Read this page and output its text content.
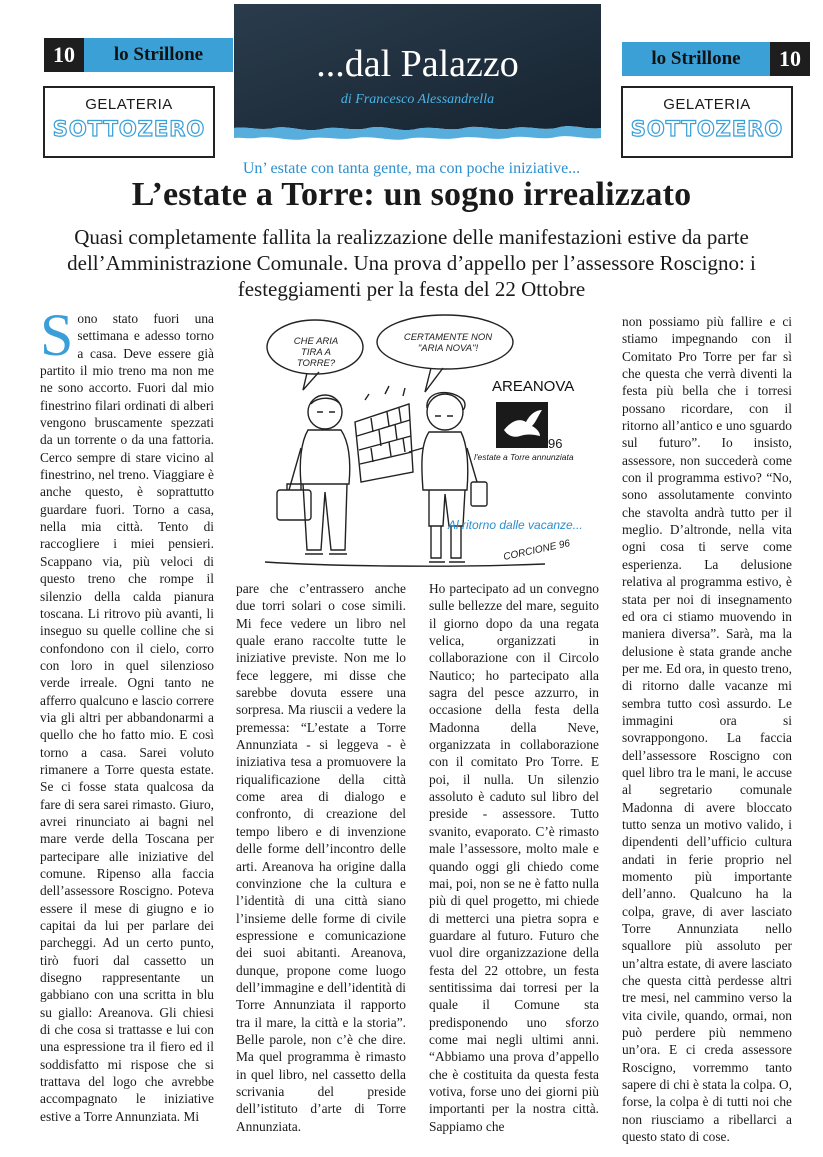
10	lo Strillone	lo Strillone	10
GELATERIA
SOTTOZERO
GELATERIA
SOTTOZERO
...dal Palazzo
di Francesco Alessandrella
Un’ estate con tanta gente, ma con poche iniziative...
L’estate a Torre: un sogno irrealizzato
Quasi completamente fallita la realizzazione delle manifestazioni estive da parte dell’Amministrazione Comunale. Una prova d’appello per l’assessore Roscigno: i festeggiamenti per la festa del 22 Ottobre
S ono stato fuori una settimana e adesso torno a casa. Deve essere già partito il mio treno ma non me ne sono accorto. Fuori dal mio finestrino filari ordinati di alberi vengono bruscamente spezzati da un torrente o da una fattoria. Cerco sempre di stare vicino al finestrino, nel treno. Viaggiare è anche questo, è soprattutto guardare fuori. Torno a casa, nella mia città. Tento di raccogliere i miei pensieri. Scappano via, più veloci di questo treno che rompe il silenzio della calda pianura toscana. Li ritrovo più avanti, li inseguo su quelle colline che si confondono con il cielo, corro con loro in quel silenzioso verde irreale. Ogni tanto ne afferro qualcuno e lascio correre via gli altri per abbandonarmi a quello che ho fatto mio. E così torno a casa. Sarei voluto rimanere a Torre questa estate. Se ci fosse stata qualcosa da fare di sera sarei rimasto. Giuro, avrei rinunciato ai bagni nel mare verde della Toscana per partecipare alle iniziative del comune. Ripenso alla faccia dell’assessore Roscigno. Poteva essere il mese di giugno e io capitai da lui per parlare dei parcheggi. Ad un certo punto, tirò fuori dal cassetto un disegno rappresentante un gabbiano con una scritta in blu su giallo: Areanova. Gli chiesi di che cosa si trattasse e lui con una espressione tra il fiero ed il soddisfatto mi rispose che si trattava del logo che avrebbe accompagnato le iniziative estive a Torre Annunziata. Mi

CHE ARIA TIRA A TORRE?
CERTAMENTE NON "ARIA NOVA"!
AREANOVA
96
l'estate a Torre annunziata
Al ritorno dalle vacanze...
CORCIONE 96

pare che c’entrassero anche due torri solari o cose simili. Mi fece vedere un libro nel quale erano raccolte tutte le iniziative previste. Non me lo fece leggere, mi disse che sarebbe dovuta essere una sorpresa. Ma riuscii a vedere la premessa: “L’estate a Torre Annunziata - si leggeva - è iniziativa tesa a promuovere la riqualificazione della città come area di dialogo e confronto, di creazione del tempo libero e di invenzione delle forme dell’incontro delle arti. Areanova ha origine dalla convinzione che la cultura e l’identità di una città siano l’insieme delle forme di civile espressione e comunicazione dei suoi abitanti. Areanova, dunque, propone come luogo dell’immagine e dell’identità di Torre Annunziata il rapporto tra il mare, la città e la storia”. Belle parole, non c’è che dire. Ma quel programma è rimasto in quel libro, nel cassetto della scrivania del preside dell’istituto d’arte di Torre Annunziata.

Ho partecipato ad un convegno sulle bellezze del mare, seguito il giorno dopo da una regata velica, organizzati in collaborazione con il Circolo Nautico; ho partecipato alla sagra del pesce azzurro, in occasione della festa della Madonna della Neve, organizzata in collaborazione con il comitato Pro Torre. E poi, il nulla. Un silenzio assoluto è caduto sul libro del preside - assessore. Tutto svanito, evaporato. C’è rimasto male l’assessore, molto male e quando oggi gli chiedo come mai, poi, non se ne è fatto nulla più di quel progetto, mi chiede di metterci una pietra sopra e guardare al futuro. Futuro che vuol dire organizzazione della festa del 22 ottobre, un festa sentitissima dai torresi per la quale il Comune sta predisponendo uno sforzo come mai negli ultimi anni. “Abbiamo una prova d’appello che è costituita da questa festa votiva, forse uno dei giorni più importanti per la nostra città. Sappiamo che

non possiamo più fallire e ci stiamo impegnando con il Comitato Pro Torre per far sì che questa che verrà diventi la festa più bella che i torresi possano ricordare, con il ritorno all’antico e uno sguardo sul futuro”. Io insisto, assessore, non succederà come con il programma estivo? “No, sono assolutamente convinto che stavolta andrà tutto per il meglio. D’altronde, nella vita ogni cosa ti serve come esperienza. La delusione relativa al programma estivo, è stata per noi di insegnamento ed ora ci stiamo muovendo in maniera diversa”. Sarà, ma la delusione è stata grande anche per me. Ed ora, in questo treno, di ritorno dalle vacanze mi sembra tutto così assurdo. Le immagini ora si sovrappongono. La faccia dell’assessore Roscigno con quel libro tra le mani, le accuse al segretario comunale Madonna di avere bloccato tutto senza un motivo valido, i dipendenti dell’ufficio cultura andati in ferie proprio nel momento più importante dell’anno. Qualcuno ha la colpa, grave, di aver lasciato Torre Annunziata nello squallore più assoluto per un’altra estate, di avere lasciato che questa città perdesse altri tre mesi, nel cammino verso la vita civile, quando, ormai, non può perdere più nemmeno un’ora. E ci creda assessore Roscigno, vorremmo tanto sapere di chi è stata la colpa. O, forse, la colpa è di tutti noi che non riusciamo a ribellarci a questo stato di cose.
